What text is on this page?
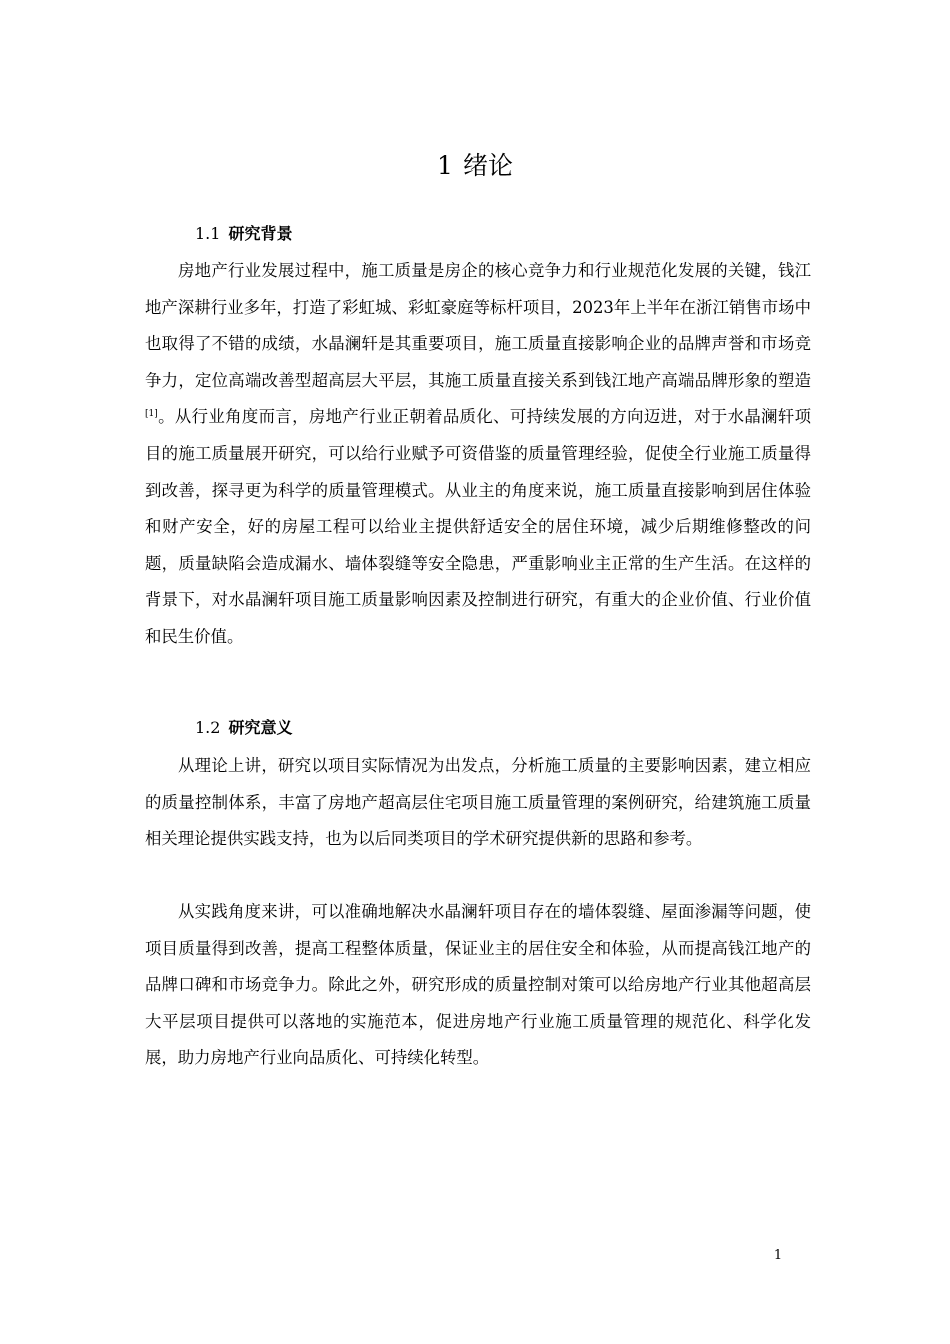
1 绪论
1.1 研究背景

房地产行业发展过程中，施工质量是房企的核心竞争力和行业规范化发展的关键，钱江地产深耕行业多年，打造了彩虹城、彩虹豪庭等标杆项目，2023年上半年在浙江销售市场中也取得了不错的成绩，水晶澜轩是其重要项目，施工质量直接影响企业的品牌声誉和市场竞争力，定位高端改善型超高层大平层，其施工质量直接关系到钱江地产高端品牌形象的塑造[1]。从行业角度而言，房地产行业正朝着品质化、可持续发展的方向迈进，对于水晶澜轩项目的施工质量展开研究，可以给行业赋予可资借鉴的质量管理经验，促使全行业施工质量得到改善，探寻更为科学的质量管理模式。从业主的角度来说，施工质量直接影响到居住体验和财产安全，好的房屋工程可以给业主提供舒适安全的居住环境，减少后期维修整改的问题，质量缺陷会造成漏水、墙体裂缝等安全隐患，严重影响业主正常的生产生活。在这样的背景下，对水晶澜轩项目施工质量影响因素及控制进行研究，有重大的企业价值、行业价值和民生价值。

1.2 研究意义

从理论上讲，研究以项目实际情况为出发点，分析施工质量的主要影响因素，建立相应的质量控制体系，丰富了房地产超高层住宅项目施工质量管理的案例研究，给建筑施工质量相关理论提供实践支持，也为以后同类项目的学术研究提供新的思路和参考。

从实践角度来讲，可以准确地解决水晶澜轩项目存在的墙体裂缝、屋面渗漏等问题，使项目质量得到改善，提高工程整体质量，保证业主的居住安全和体验，从而提高钱江地产的品牌口碑和市场竞争力。除此之外，研究形成的质量控制对策可以给房地产行业其他超高层大平层项目提供可以落地的实施范本，促进房地产行业施工质量管理的规范化、科学化发展，助力房地产行业向品质化、可持续化转型。

1
